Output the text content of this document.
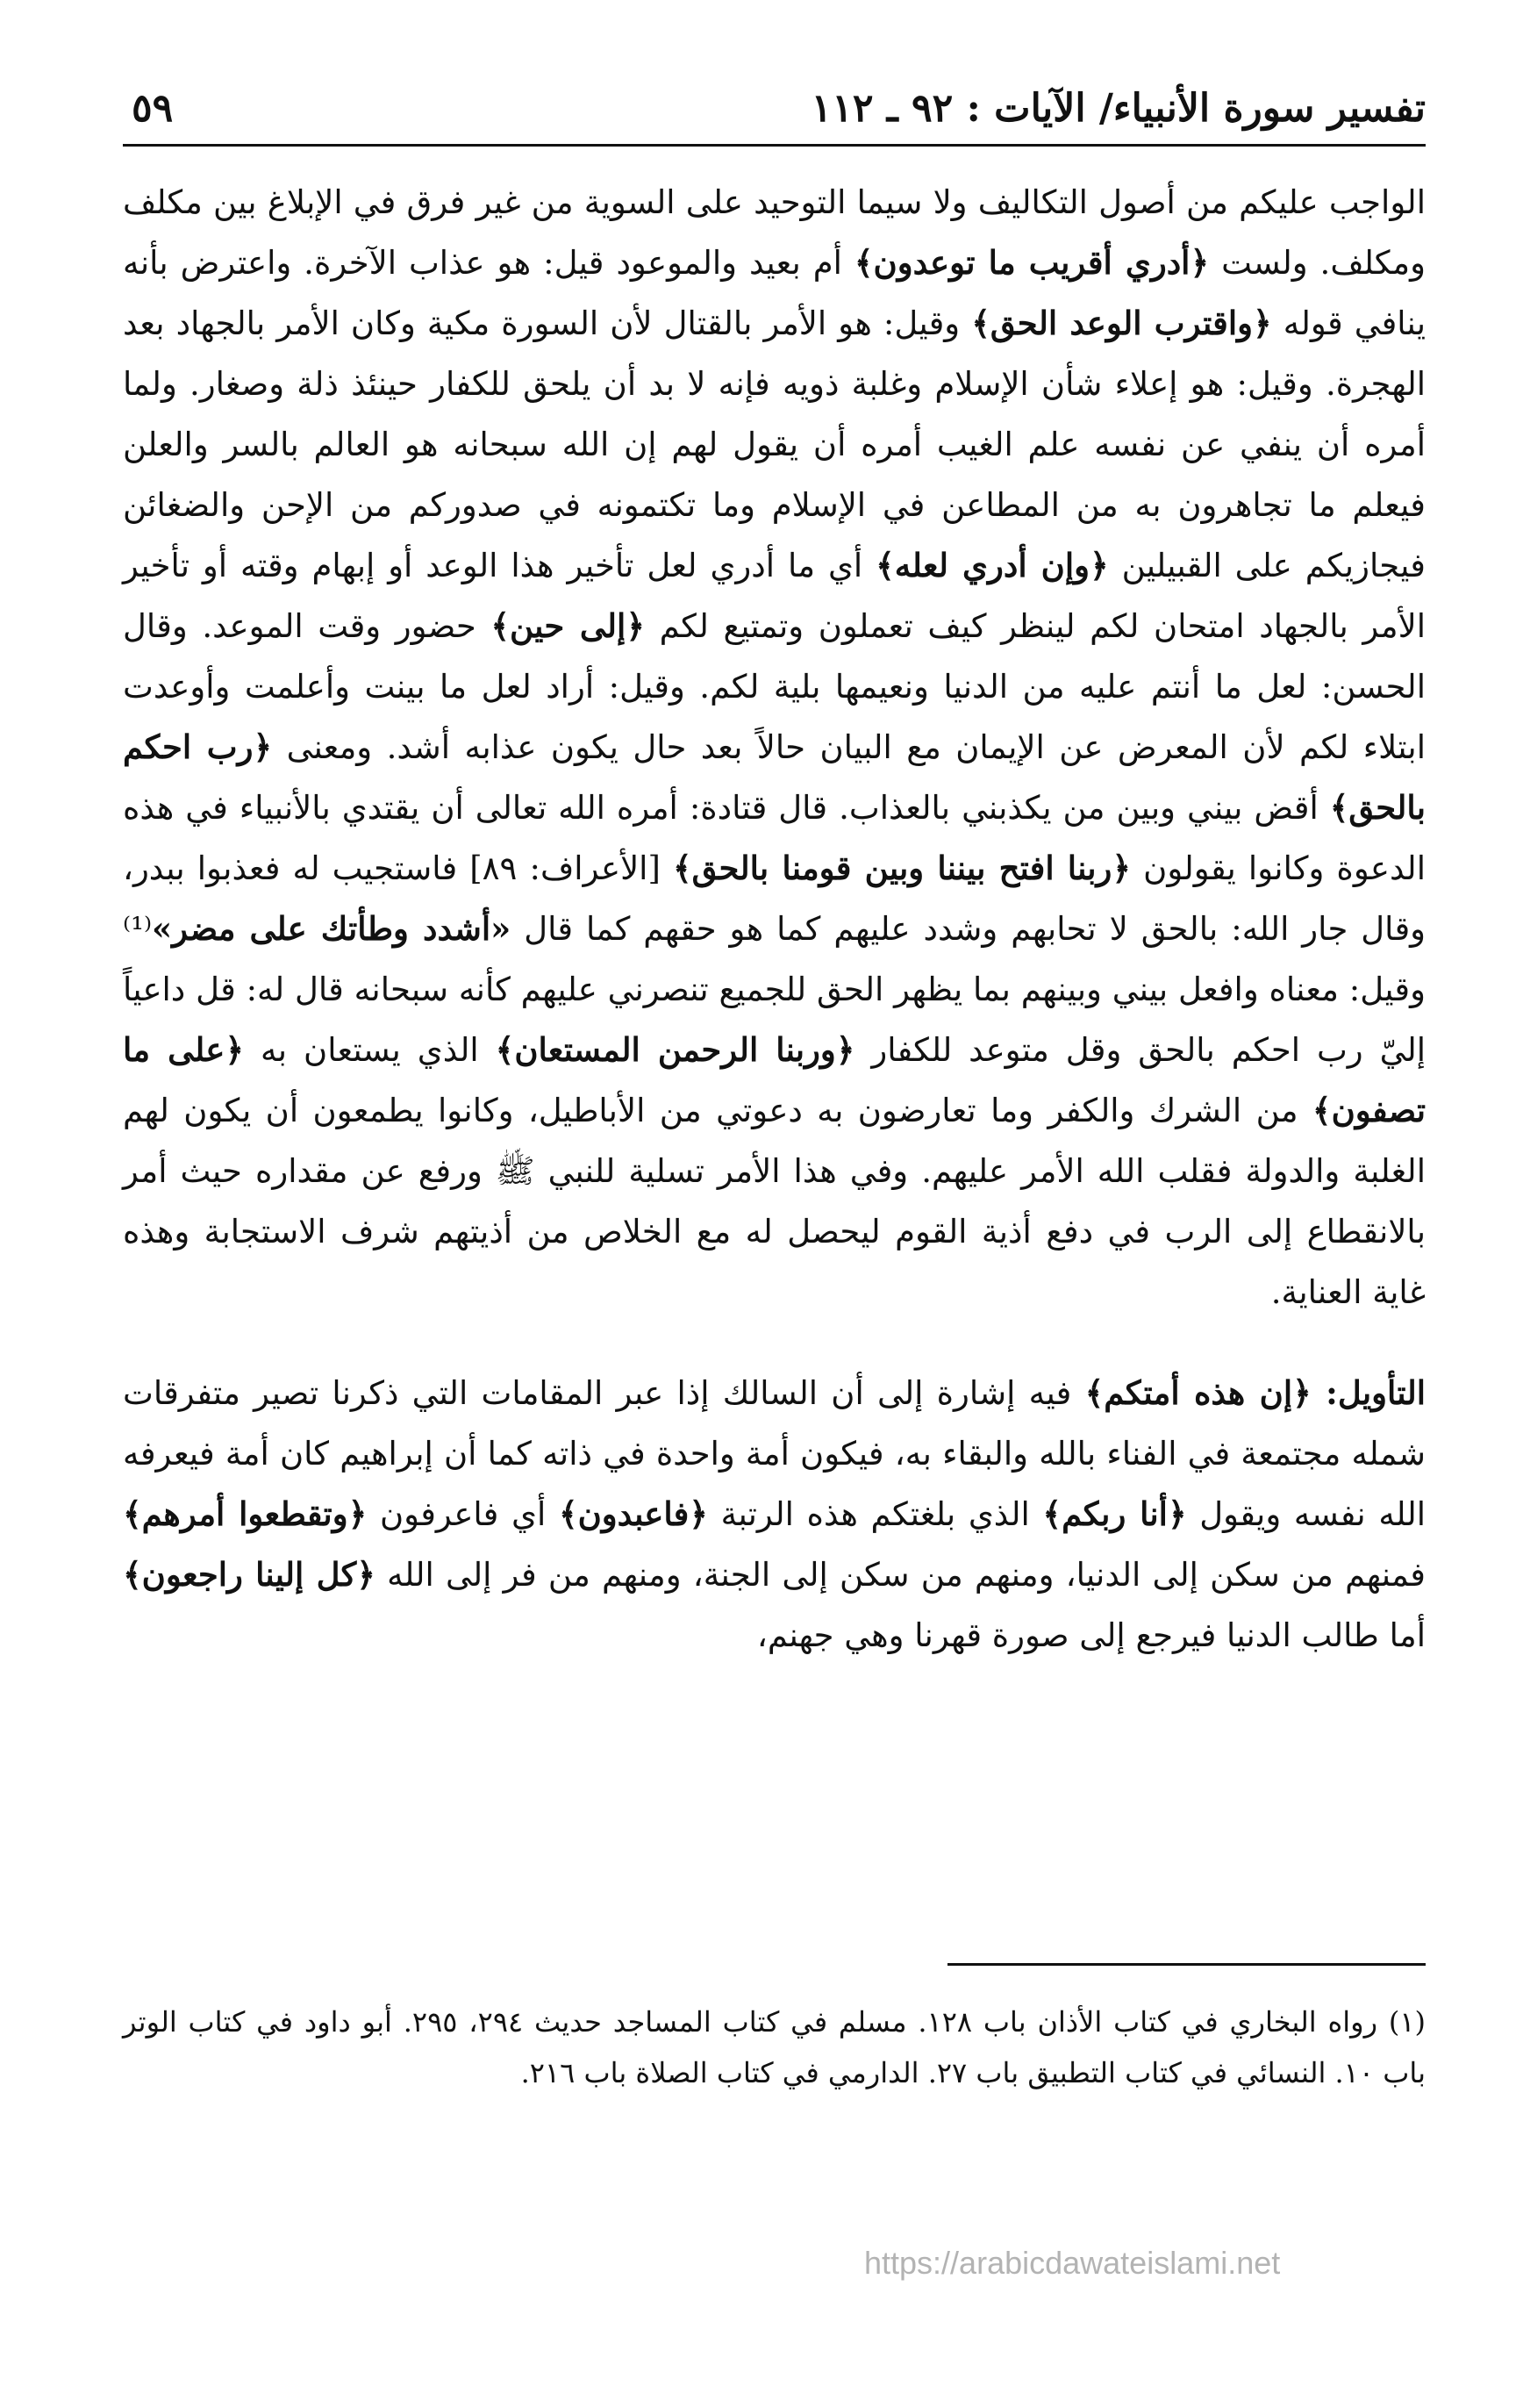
تفسير سورة الأنبياء/ الآيات : ٩٢ ـ ١١٢
٥٩

الواجب عليكم من أصول التكاليف ولا سيما التوحيد على السوية من غير فرق في الإبلاغ بين مكلف ومكلف. ولست ﴿أدري أقريب ما توعدون﴾ أم بعيد والموعود قيل: هو عذاب الآخرة. واعترض بأنه ينافي قوله ﴿واقترب الوعد الحق﴾ وقيل: هو الأمر بالقتال لأن السورة مكية وكان الأمر بالجهاد بعد الهجرة. وقيل: هو إعلاء شأن الإسلام وغلبة ذويه فإنه لا بد أن يلحق للكفار حينئذ ذلة وصغار. ولما أمره أن ينفي عن نفسه علم الغيب أمره أن يقول لهم إن الله سبحانه هو العالم بالسر والعلن فيعلم ما تجاهرون به من المطاعن في الإسلام وما تكتمونه في صدوركم من الإحن والضغائن فيجازيكم على القبيلين ﴿وإن أدري لعله﴾ أي ما أدري لعل تأخير هذا الوعد أو إبهام وقته أو تأخير الأمر بالجهاد امتحان لكم لينظر كيف تعملون وتمتيع لكم ﴿إلى حين﴾ حضور وقت الموعد. وقال الحسن: لعل ما أنتم عليه من الدنيا ونعيمها بلية لكم. وقيل: أراد لعل ما بينت وأعلمت وأوعدت ابتلاء لكم لأن المعرض عن الإيمان مع البيان حالاً بعد حال يكون عذابه أشد. ومعنى ﴿رب احكم بالحق﴾ أقض بيني وبين من يكذبني بالعذاب. قال قتادة: أمره الله تعالى أن يقتدي بالأنبياء في هذه الدعوة وكانوا يقولون ﴿ربنا افتح بيننا وبين قومنا بالحق﴾ [الأعراف: ٨٩] فاستجيب له فعذبوا ببدر، وقال جار الله: بالحق لا تحابهم وشدد عليهم كما هو حقهم كما قال «أشدد وطأتك على مضر»⁽¹⁾ وقيل: معناه وافعل بيني وبينهم بما يظهر الحق للجميع تنصرني عليهم كأنه سبحانه قال له: قل داعياً إليّ رب احكم بالحق وقل متوعد للكفار ﴿وربنا الرحمن المستعان﴾ الذي يستعان به ﴿على ما تصفون﴾ من الشرك والكفر وما تعارضون به دعوتي من الأباطيل، وكانوا يطمعون أن يكون لهم الغلبة والدولة فقلب الله الأمر عليهم. وفي هذا الأمر تسلية للنبي ﷺ ورفع عن مقداره حيث أمر بالانقطاع إلى الرب في دفع أذية القوم ليحصل له مع الخلاص من أذيتهم شرف الاستجابة وهذه غاية العناية.

التأويل: ﴿إن هذه أمتكم﴾ فيه إشارة إلى أن السالك إذا عبر المقامات التي ذكرنا تصير متفرقات شمله مجتمعة في الفناء بالله والبقاء به، فيكون أمة واحدة في ذاته كما أن إبراهيم كان أمة فيعرفه الله نفسه ويقول ﴿أنا ربكم﴾ الذي بلغتكم هذه الرتبة ﴿فاعبدون﴾ أي فاعرفون ﴿وتقطعوا أمرهم﴾ فمنهم من سكن إلى الدنيا، ومنهم من سكن إلى الجنة، ومنهم من فر إلى الله ﴿كل إلينا راجعون﴾ أما طالب الدنيا فيرجع إلى صورة قهرنا وهي جهنم،

(١) رواه البخاري في كتاب الأذان باب ١٢٨. مسلم في كتاب المساجد حديث ٢٩٤، ٢٩٥. أبو داود في كتاب الوتر باب ١٠. النسائي في كتاب التطبيق باب ٢٧. الدارمي في كتاب الصلاة باب ٢١٦.

https://arabicdawateislami.net
